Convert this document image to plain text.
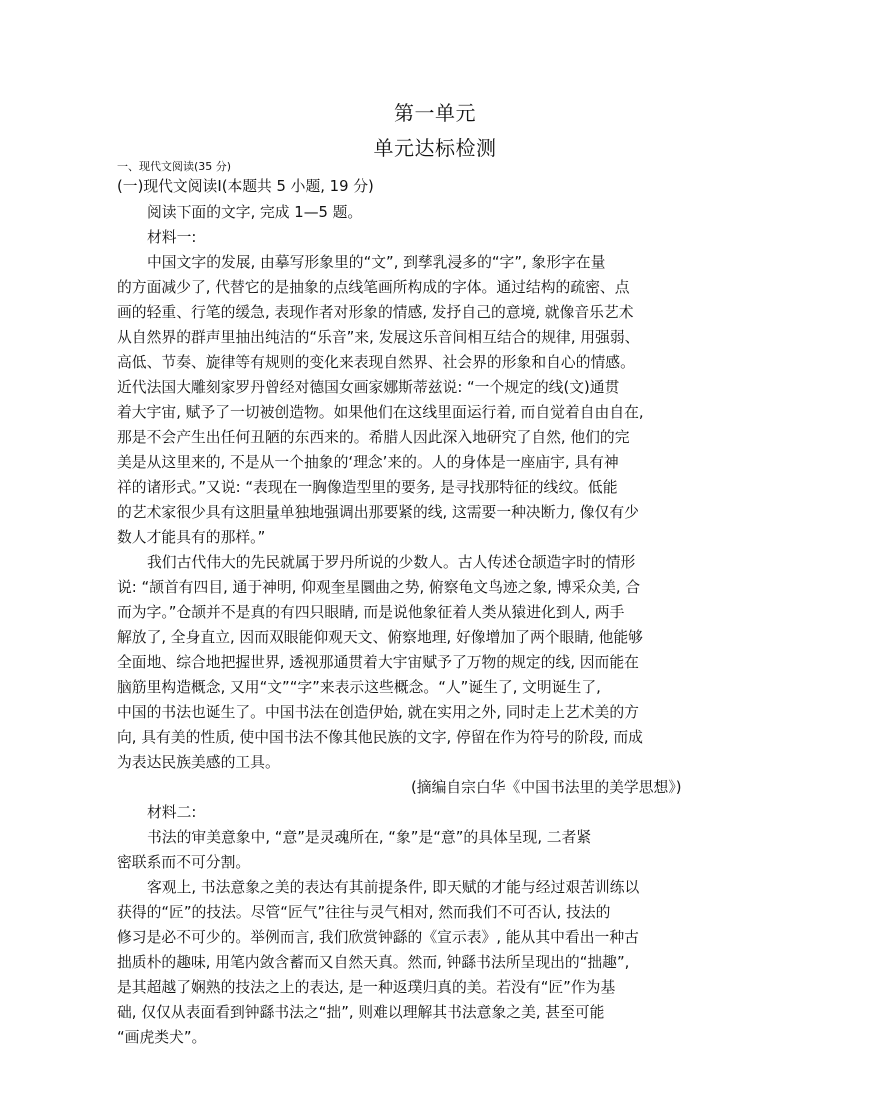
第一单元
单元达标检测
一、现代文阅读(35 分)
(一)现代文阅读Ⅰ(本题共 5 小题, 19 分)
阅读下面的文字, 完成 1—5 题。
材料一:
中国文字的发展, 由摹写形象里的“文”, 到孳乳浸多的“字”, 象形字在量
的方面减少了, 代替它的是抽象的点线笔画所构成的字体。通过结构的疏密、点
画的轻重、行笔的缓急, 表现作者对形象的情感, 发抒自己的意境, 就像音乐艺术
从自然界的群声里抽出纯洁的“乐音”来, 发展这乐音间相互结合的规律, 用强弱、
高低、节奏、旋律等有规则的变化来表现自然界、社会界的形象和自心的情感。
近代法国大雕刻家罗丹曾经对德国女画家娜斯蒂兹说: “一个规定的线(文)通贯
着大宇宙, 赋予了一切被创造物。如果他们在这线里面运行着, 而自觉着自由自在,
那是不会产生出任何丑陋的东西来的。希腊人因此深入地研究了自然, 他们的完
美是从这里来的, 不是从一个抽象的‘理念’来的。人的身体是一座庙宇, 具有神
祥的诸形式。”又说: “表现在一胸像造型里的要务, 是寻找那特征的线纹。低能
的艺术家很少具有这胆量单独地强调出那要紧的线, 这需要一种决断力, 像仅有少
数人才能具有的那样。”
我们古代伟大的先民就属于罗丹所说的少数人。古人传述仓颉造字时的情形
说: “颉首有四目, 通于神明, 仰观奎星圜曲之势, 俯察龟文鸟迹之象, 博采众美, 合
而为字。”仓颉并不是真的有四只眼睛, 而是说他象征着人类从猿进化到人, 两手
解放了, 全身直立, 因而双眼能仰观天文、俯察地理, 好像增加了两个眼睛, 他能够
全面地、综合地把握世界, 透视那通贯着大宇宙赋予了万物的规定的线, 因而能在
脑筋里构造概念, 又用“文”“字”来表示这些概念。“人”诞生了, 文明诞生了,
中国的书法也诞生了。中国书法在创造伊始, 就在实用之外, 同时走上艺术美的方
向, 具有美的性质, 使中国书法不像其他民族的文字, 停留在作为符号的阶段, 而成
为表达民族美感的工具。
(摘编自宗白华《中国书法里的美学思想》)
材料二:
书法的审美意象中, “意”是灵魂所在, “象”是“意”的具体呈现, 二者紧
密联系而不可分割。
客观上, 书法意象之美的表达有其前提条件, 即天赋的才能与经过艰苦训练以
获得的“匠”的技法。尽管“匠气”往往与灵气相对, 然而我们不可否认, 技法的
修习是必不可少的。举例而言, 我们欣赏钟繇的《宣示表》, 能从其中看出一种古
拙质朴的趣味, 用笔内敛含蓄而又自然天真。然而, 钟繇书法所呈现出的“拙趣”,
是其超越了娴熟的技法之上的表达, 是一种返璞归真的美。若没有“匠”作为基
础, 仅仅从表面看到钟繇书法之“拙”, 则难以理解其书法意象之美, 甚至可能
“画虎类犬”。
